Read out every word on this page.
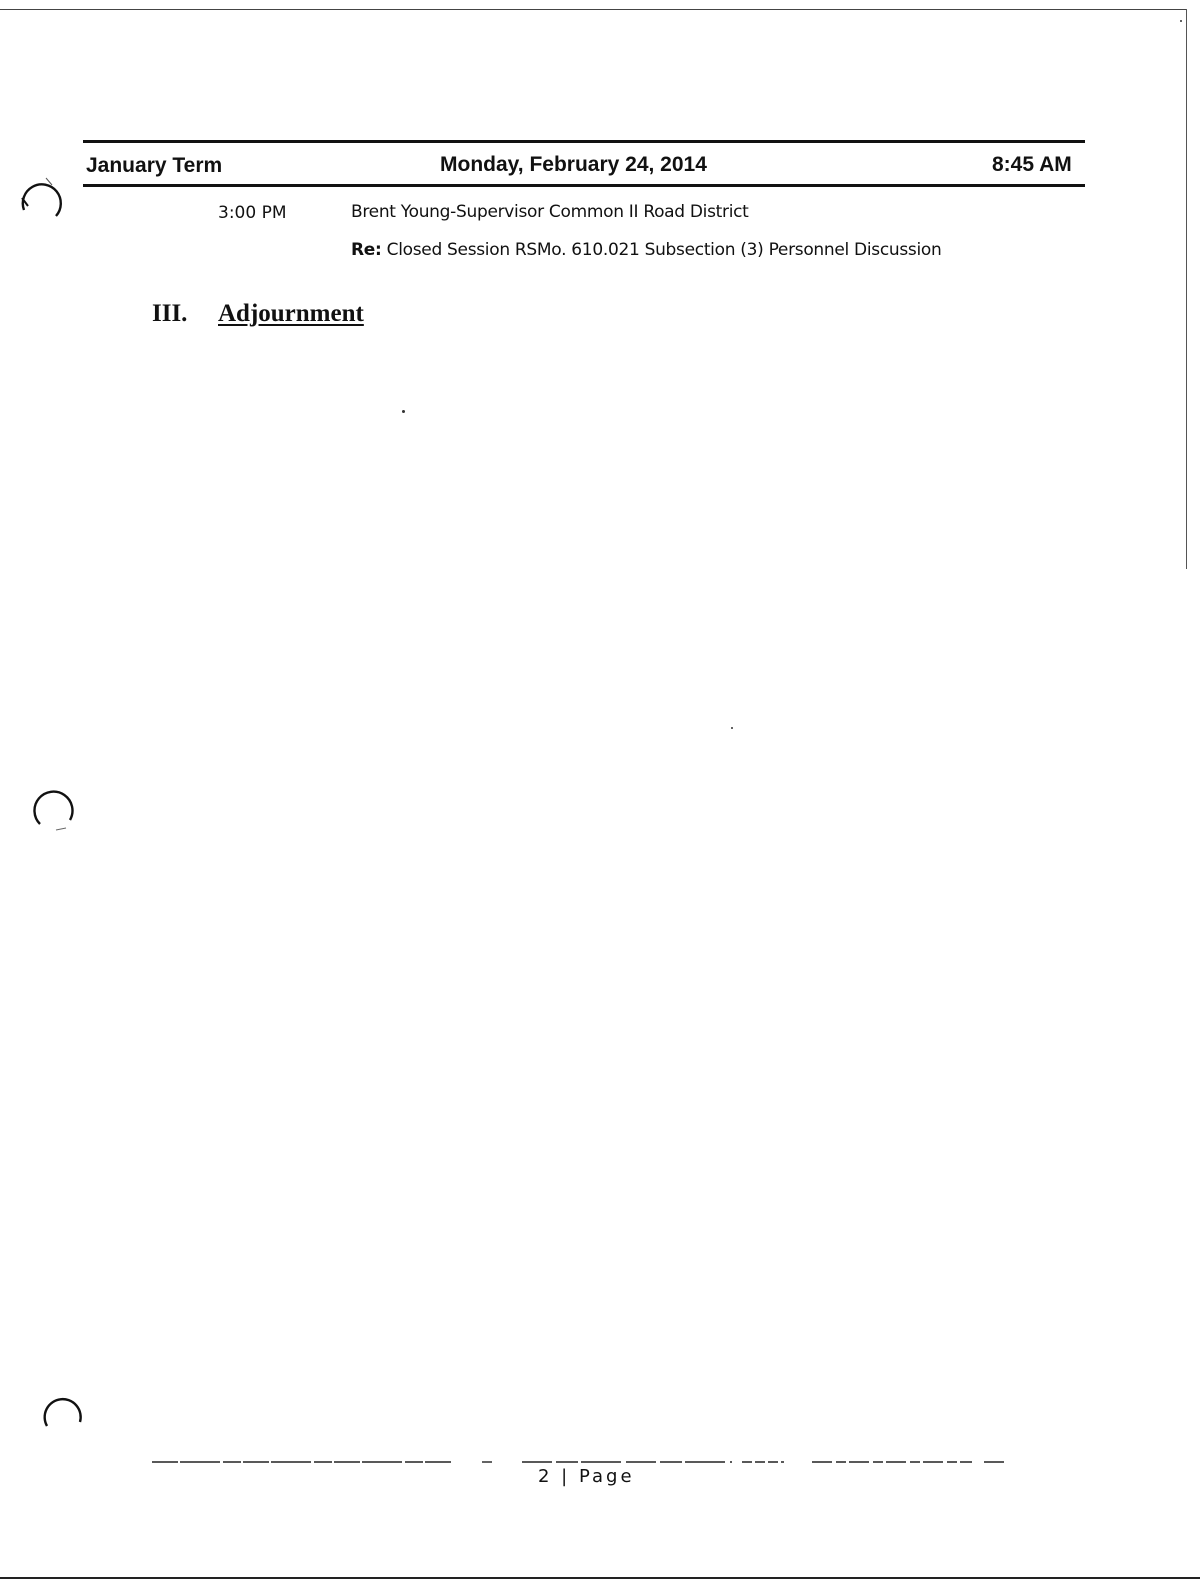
January Term	Monday, February 24, 2014	8:45 AM
3:00 PM	Brent Young-Supervisor Common II Road District
Re: Closed Session RSMo. 610.021 Subsection (3) Personnel Discussion
III. Adjournment
2 | Page
